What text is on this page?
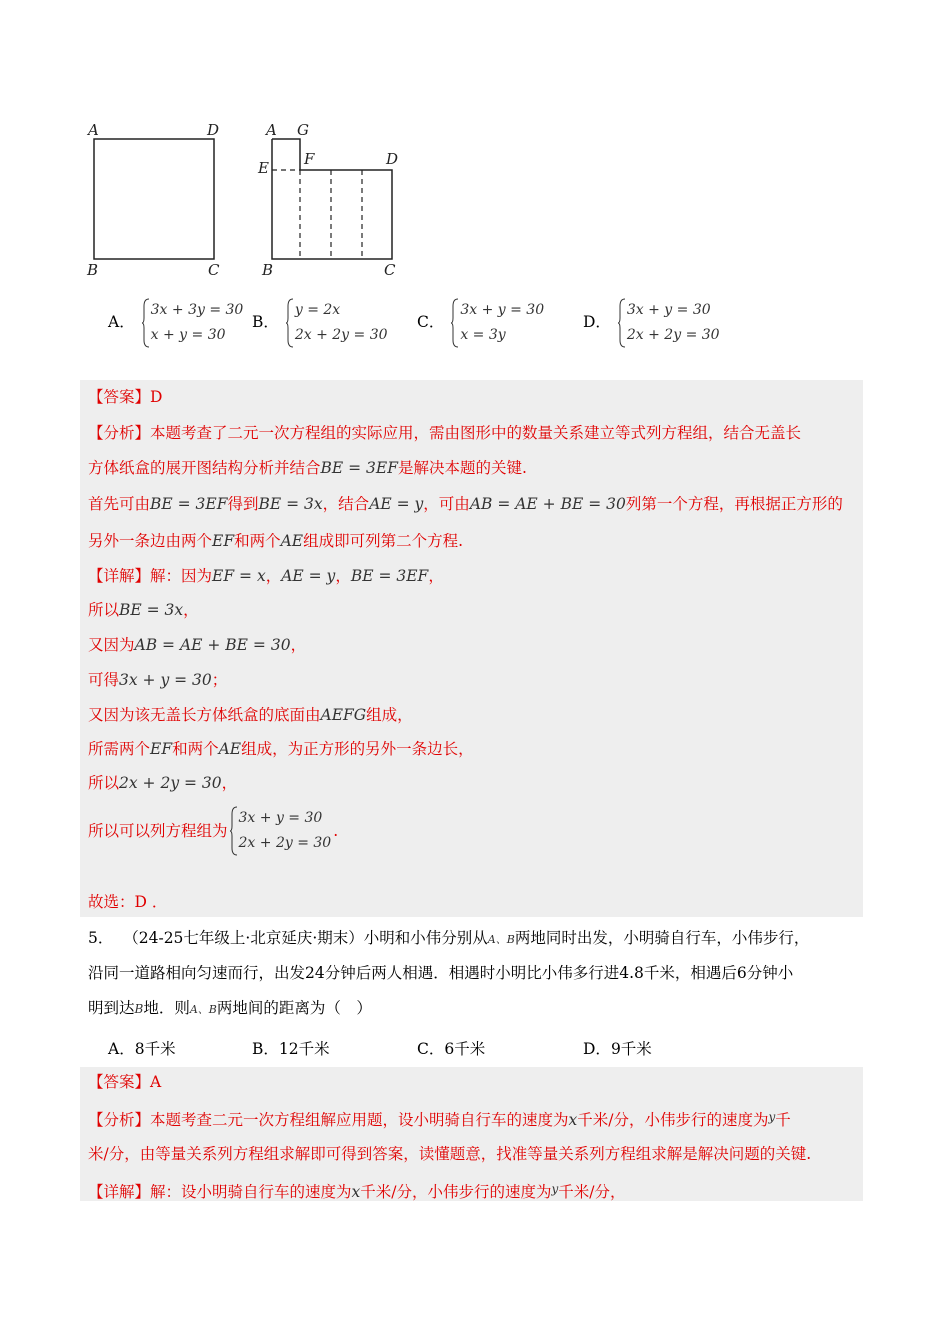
A	D
B	C
A G
E F	D
B	C
A．
3x + 3y = 30
x + y = 30
B．
y = 2x
2x + 2y = 30
C．
3x + y = 30
x = 3y
D．
3x + y = 30
2x + 2y = 30
【答案】D
【分析】本题考查了二元一次方程组的实际应用，需由图形中的数量关系建立等式列方程组，结合无盖长
方体纸盒的展开图结构分析并结合BE = 3EF是解决本题的关键.
首先可由BE = 3EF得到BE = 3x，结合AE = y，可由AB = AE + BE = 30列第一个方程，再根据正方形的
另外一条边由两个EF和两个AE组成即可列第二个方程.
【详解】解：因为EF = x，AE = y，BE = 3EF，
所以BE = 3x，
又因为AB = AE + BE = 30，
可得3x + y = 30；
又因为该无盖长方体纸盒的底面由AEFG组成，
所需两个EF和两个AE组成，为正方形的另外一条边长，
所以2x + 2y = 30，
所以可以列方程组为
3x + y = 30
2x + 2y = 30
.
故选：D ．
5． （24-25七年级上·北京延庆·期末）小明和小伟分别从A、B两地同时出发，小明骑自行车，小伟步行，
沿同一道路相向匀速而行，出发24分钟后两人相遇．相遇时小明比小伟多行进4.8千米，相遇后6分钟小
明到达B地．则A、B两地间的距离为（　）
A．8千米	B．12千米	C．6千米	D．9千米
【答案】A
【分析】本题考查二元一次方程组解应用题，设小明骑自行车的速度为x千米/分，小伟步行的速度为$^y$千
米/分，由等量关系列方程组求解即可得到答案，读懂题意，找准等量关系列方程组求解是解决问题的关键.
【详解】解：设小明骑自行车的速度为x千米/分，小伟步行的速度为$^y$千米/分，
